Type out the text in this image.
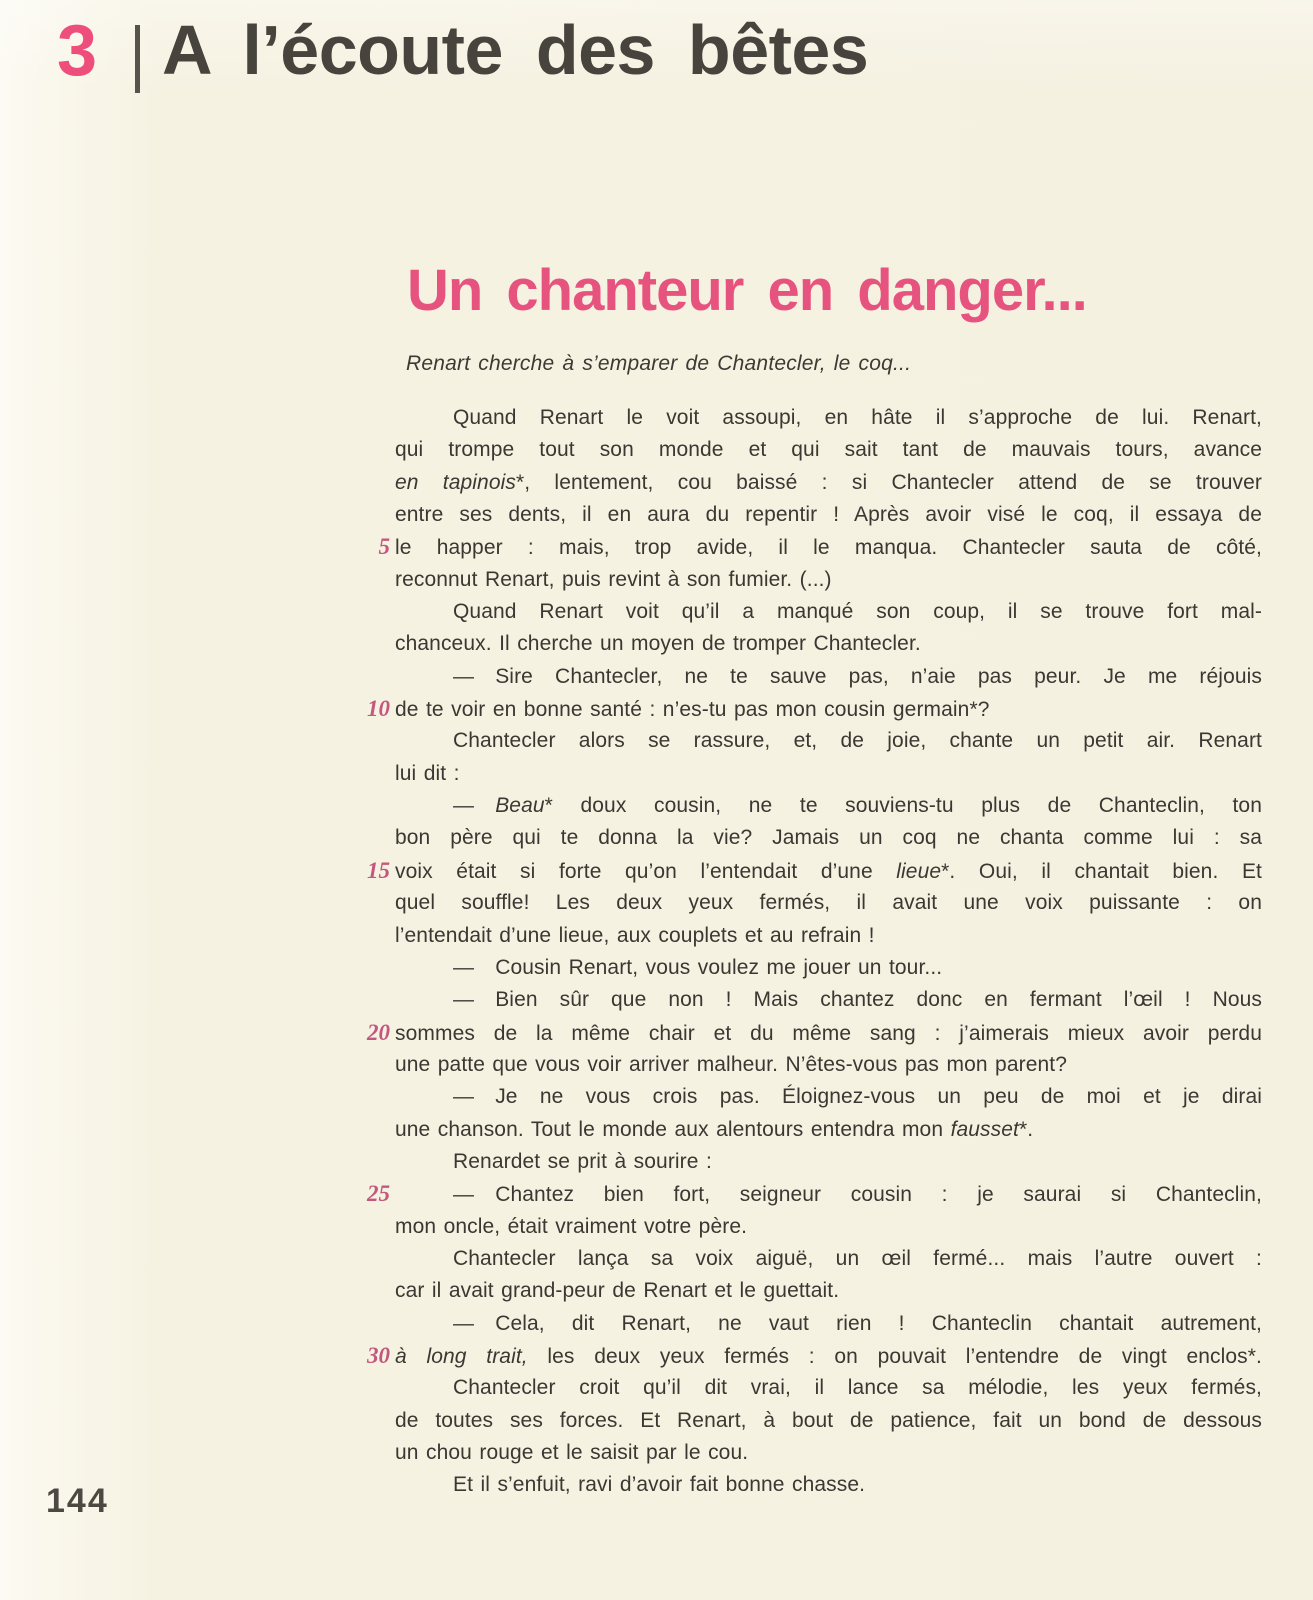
3 A l’écoute des bêtes
Un chanteur en danger...
Renart cherche à s’emparer de Chantecler, le coq...
Quand Renart le voit assoupi, en hâte il s’approche de lui. Renart,
qui trompe tout son monde et qui sait tant de mauvais tours, avance
en tapinois*, lentement, cou baissé : si Chantecler attend de se trouver
entre ses dents, il en aura du repentir ! Après avoir visé le coq, il essaya de
5 le happer : mais, trop avide, il le manqua. Chantecler sauta de côté,
reconnut Renart, puis revint à son fumier. (...)
Quand Renart voit qu’il a manqué son coup, il se trouve fort mal-
chanceux. Il cherche un moyen de tromper Chantecler.
— Sire Chantecler, ne te sauve pas, n’aie pas peur. Je me réjouis
10 de te voir en bonne santé : n’es-tu pas mon cousin germain*?
Chantecler alors se rassure, et, de joie, chante un petit air. Renart
lui dit :
— Beau* doux cousin, ne te souviens-tu plus de Chanteclin, ton
bon père qui te donna la vie? Jamais un coq ne chanta comme lui : sa
15 voix était si forte qu’on l’entendait d’une lieue*. Oui, il chantait bien. Et
quel souffle! Les deux yeux fermés, il avait une voix puissante : on
l’entendait d’une lieue, aux couplets et au refrain !
— Cousin Renart, vous voulez me jouer un tour...
— Bien sûr que non ! Mais chantez donc en fermant l’œil ! Nous
20 sommes de la même chair et du même sang : j’aimerais mieux avoir perdu
une patte que vous voir arriver malheur. N’êtes-vous pas mon parent?
— Je ne vous crois pas. Éloignez-vous un peu de moi et je dirai
une chanson. Tout le monde aux alentours entendra mon fausset*.
Renardet se prit à sourire :
25	— Chantez bien fort, seigneur cousin : je saurai si Chanteclin,
mon oncle, était vraiment votre père.
Chantecler lança sa voix aiguë, un œil fermé... mais l’autre ouvert :
car il avait grand-peur de Renart et le guettait.
— Cela, dit Renart, ne vaut rien ! Chanteclin chantait autrement,
30 à long trait, les deux yeux fermés : on pouvait l’entendre de vingt enclos*.
Chantecler croit qu’il dit vrai, il lance sa mélodie, les yeux fermés,
de toutes ses forces. Et Renart, à bout de patience, fait un bond de dessous
un chou rouge et le saisit par le cou.
Et il s’enfuit, ravi d’avoir fait bonne chasse.
144
